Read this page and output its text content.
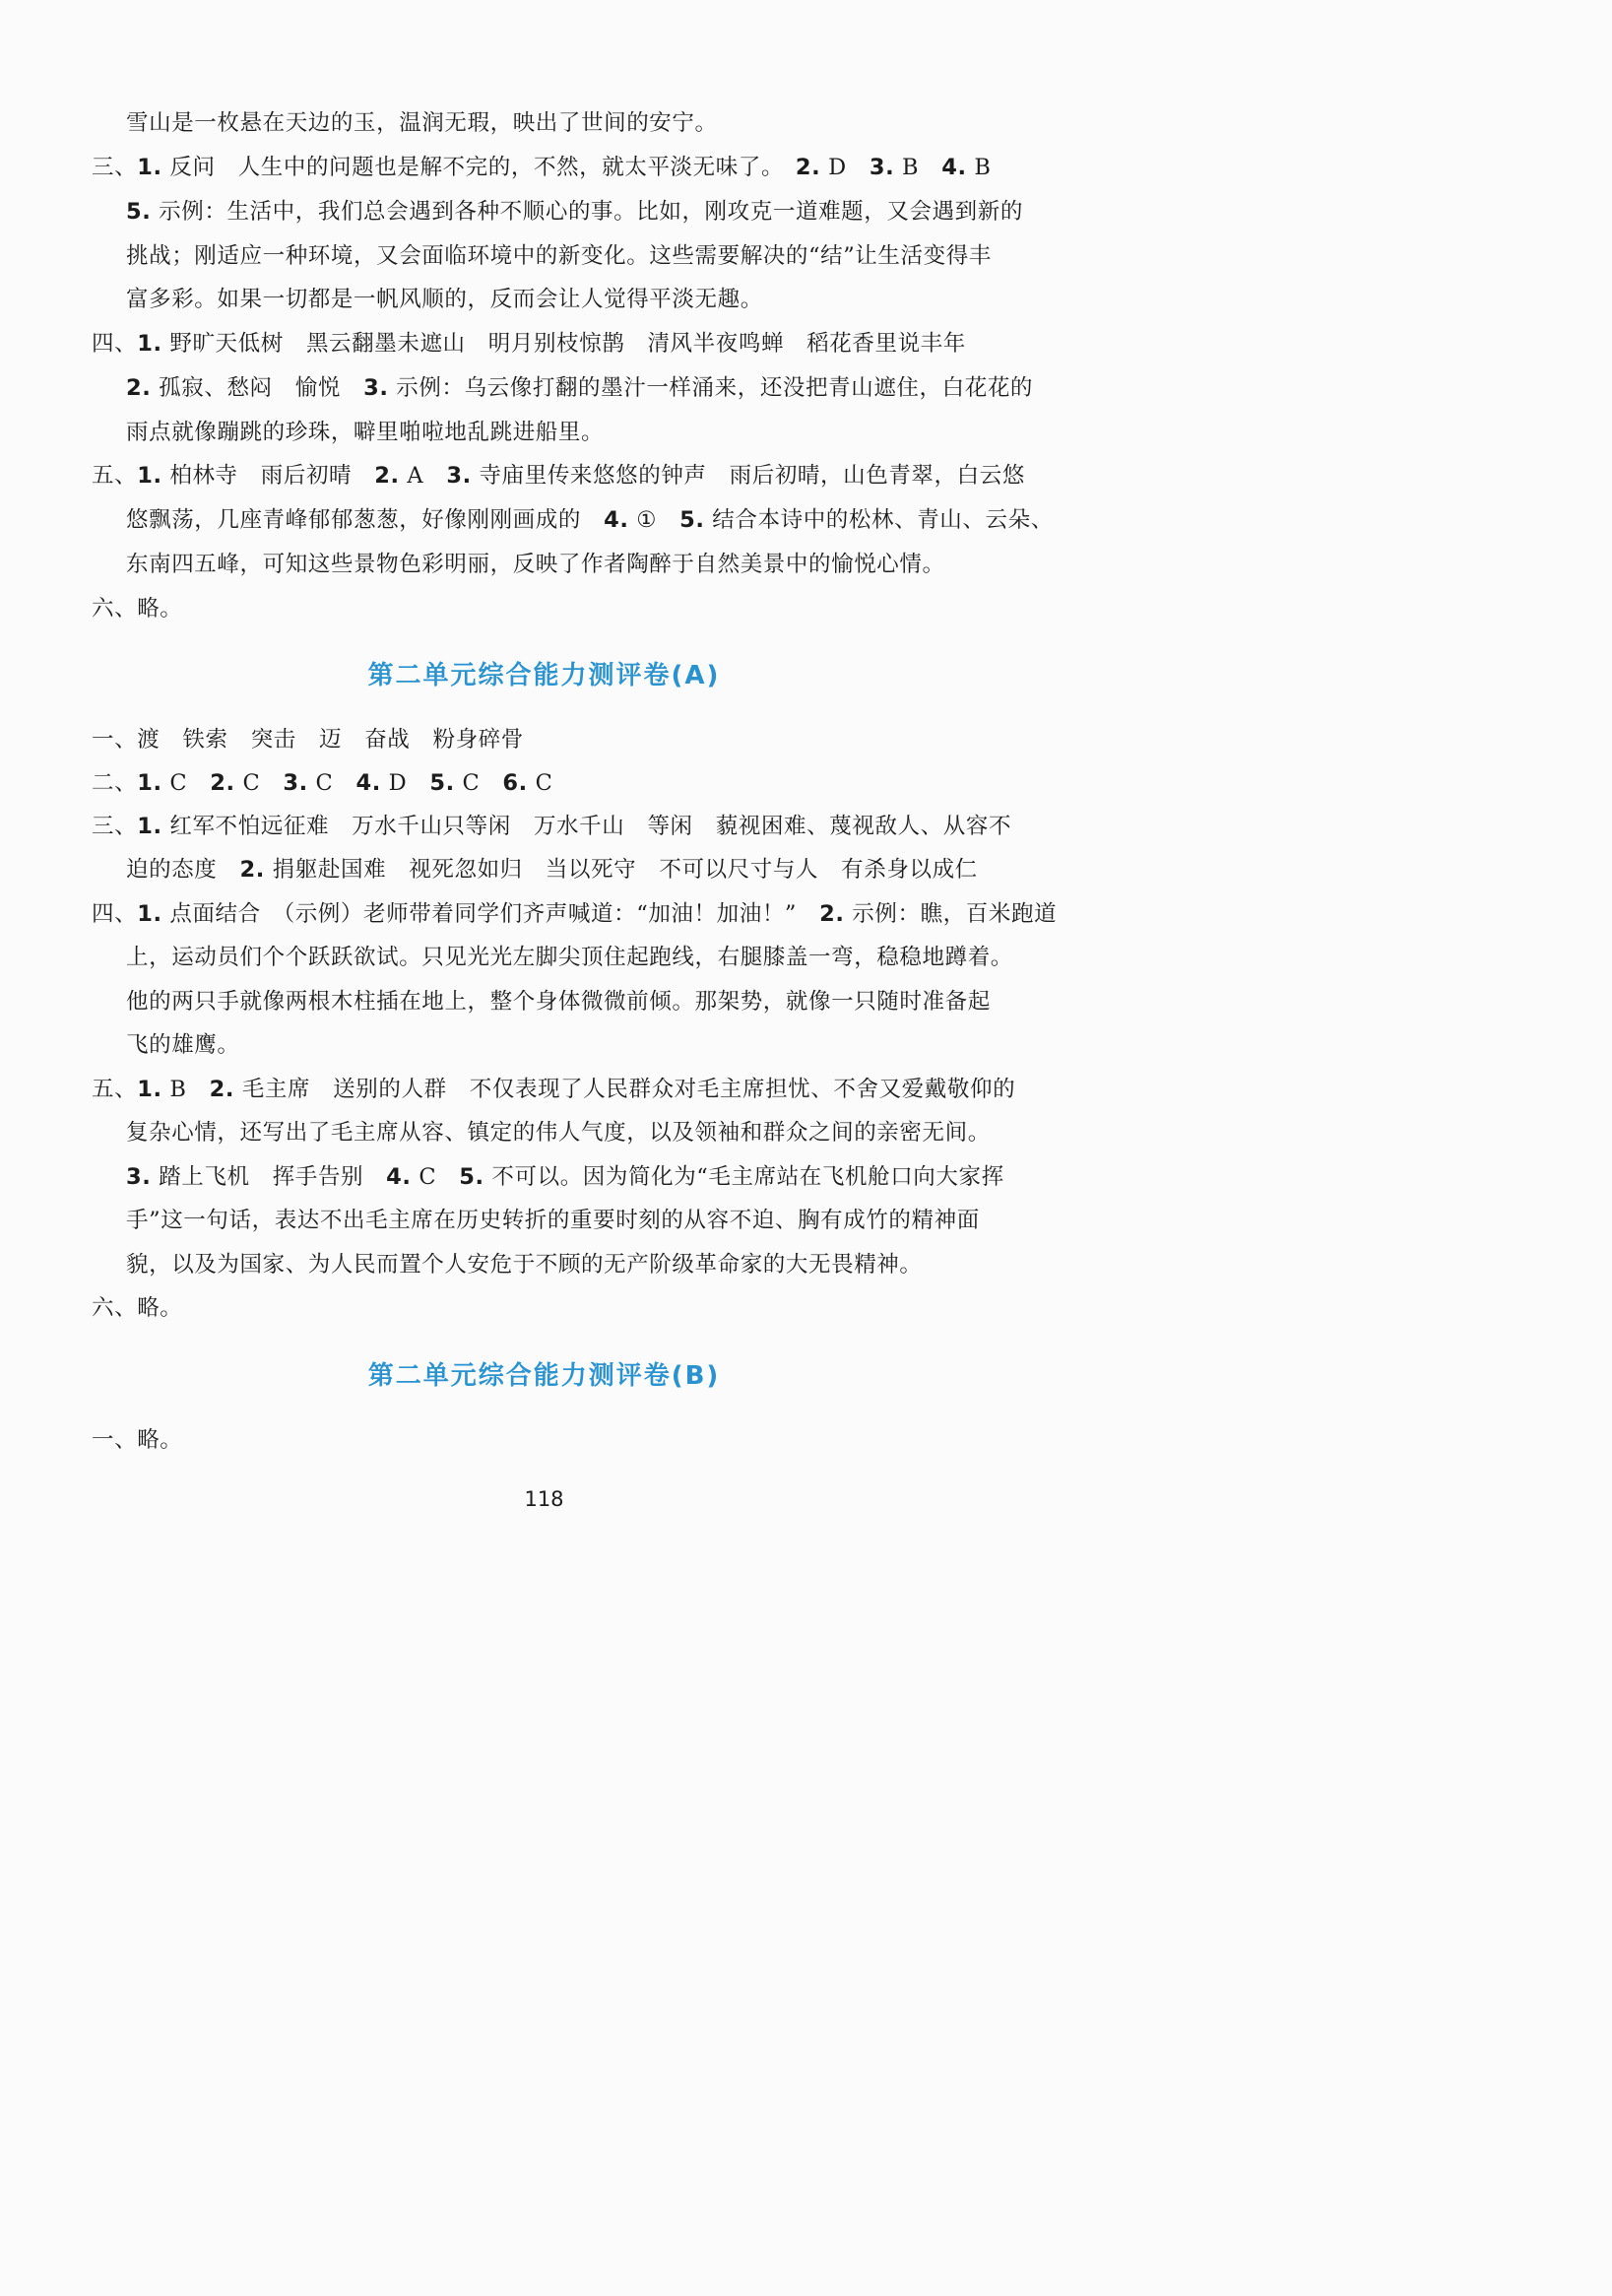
雪山是一枚悬在天边的玉，温润无瑕，映出了世间的安宁。
三、1. 反问　人生中的问题也是解不完的，不然，就太平淡无味了。　2. D　3. B　4. B
5. 示例：生活中，我们总会遇到各种不顺心的事。比如，刚攻克一道难题，又会遇到新的
挑战；刚适应一种环境，又会面临环境中的新变化。这些需要解决的“结”让生活变得丰
富多彩。如果一切都是一帆风顺的，反而会让人觉得平淡无趣。
四、1. 野旷天低树　黑云翻墨未遮山　明月别枝惊鹊　清风半夜鸣蝉　稻花香里说丰年
2. 孤寂、愁闷　愉悦　3. 示例：乌云像打翻的墨汁一样涌来，还没把青山遮住，白花花的
雨点就像蹦跳的珍珠，噼里啪啦地乱跳进船里。
五、1. 柏林寺　雨后初晴　2. A　3. 寺庙里传来悠悠的钟声　雨后初晴，山色青翠，白云悠
悠飘荡，几座青峰郁郁葱葱，好像刚刚画成的　4. ①　5. 结合本诗中的松林、青山、云朵、
东南四五峰，可知这些景物色彩明丽，反映了作者陶醉于自然美景中的愉悦心情。
六、略。
第二单元综合能力测评卷(A)
一、渡　铁索　突击　迈　奋战　粉身碎骨
二、1. C　2. C　3. C　4. D　5. C　6. C
三、1. 红军不怕远征难　万水千山只等闲　万水千山　等闲　藐视困难、蔑视敌人、从容不
迫的态度　2. 捐躯赴国难　视死忽如归　当以死守　不可以尺寸与人　有杀身以成仁
四、1. 点面结合　（示例）老师带着同学们齐声喊道：“加油！加油！”　2. 示例：瞧，百米跑道
上，运动员们个个跃跃欲试。只见光光左脚尖顶住起跑线，右腿膝盖一弯，稳稳地蹲着。
他的两只手就像两根木柱插在地上，整个身体微微前倾。那架势，就像一只随时准备起
飞的雄鹰。
五、1. B　2. 毛主席　送别的人群　不仅表现了人民群众对毛主席担忧、不舍又爱戴敬仰的
复杂心情，还写出了毛主席从容、镇定的伟人气度，以及领袖和群众之间的亲密无间。
3. 踏上飞机　挥手告别　4. C　5. 不可以。因为简化为“毛主席站在飞机舱口向大家挥
手”这一句话，表达不出毛主席在历史转折的重要时刻的从容不迫、胸有成竹的精神面
貌，以及为国家、为人民而置个人安危于不顾的无产阶级革命家的大无畏精神。
六、略。
第二单元综合能力测评卷(B)
一、略。
118
